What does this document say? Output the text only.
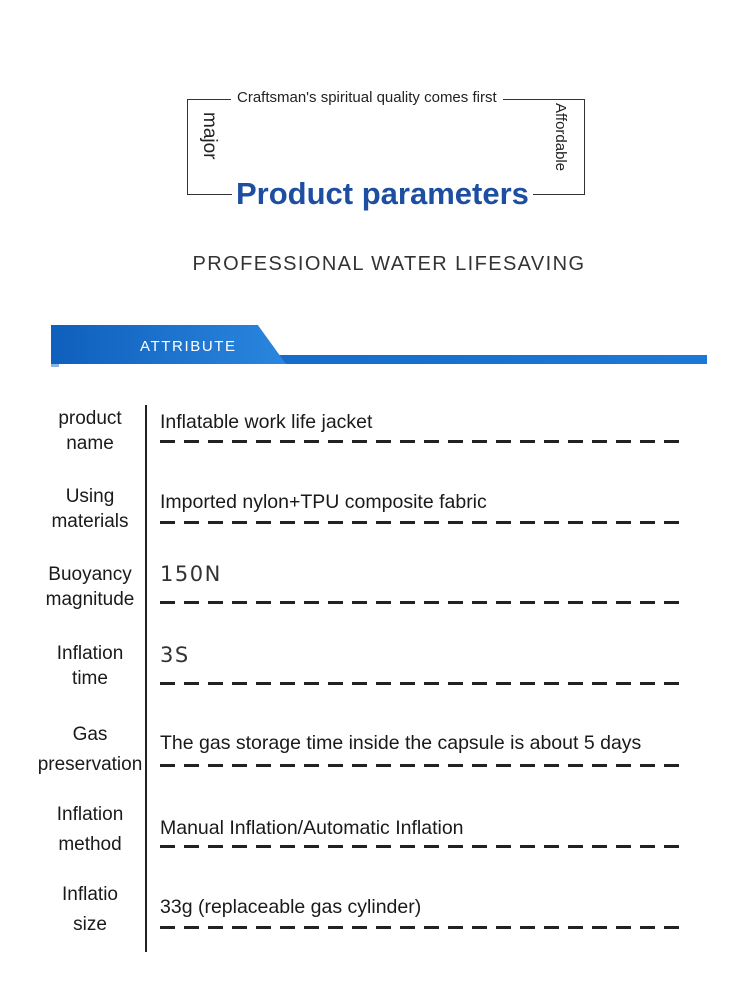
Craftsman's spiritual quality comes first
major	Affordable
Product parameters
PROFESSIONAL WATER LIFESAVING
ATTRIBUTE
product
name
Inflatable work life jacket
Using
materials
Imported nylon+TPU composite fabric
Buoyancy
magnitude
150N
Inflation
time
3S
Gas
preservation
The gas storage time inside the capsule is about 5 days
Inflation
method
Manual Inflation/Automatic Inflation
Inflatio
size
33g (replaceable gas cylinder)
